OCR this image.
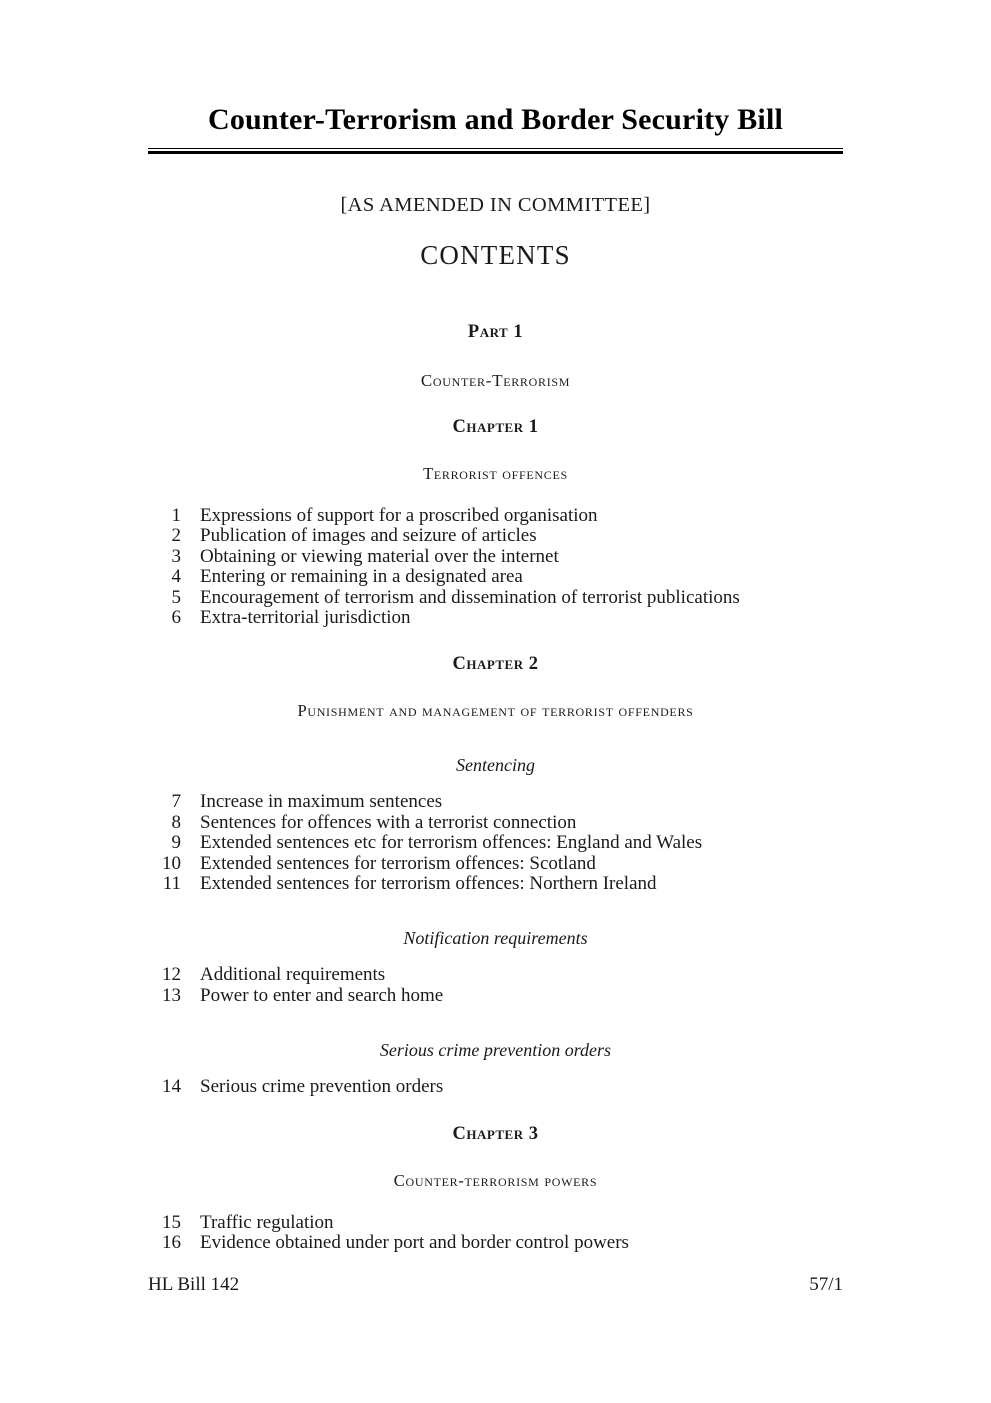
Counter-Terrorism and Border Security Bill
[AS AMENDED IN COMMITTEE]
CONTENTS
Part 1
Counter-Terrorism
Chapter 1
Terrorist offences
1	Expressions of support for a proscribed organisation
2	Publication of images and seizure of articles
3	Obtaining or viewing material over the internet
4	Entering or remaining in a designated area
5	Encouragement of terrorism and dissemination of terrorist publications
6	Extra-territorial jurisdiction
Chapter 2
Punishment and management of terrorist offenders
Sentencing
7	Increase in maximum sentences
8	Sentences for offences with a terrorist connection
9	Extended sentences etc for terrorism offences: England and Wales
10	Extended sentences for terrorism offences: Scotland
11	Extended sentences for terrorism offences: Northern Ireland
Notification requirements
12	Additional requirements
13	Power to enter and search home
Serious crime prevention orders
14	Serious crime prevention orders
Chapter 3
Counter-terrorism powers
15	Traffic regulation
16	Evidence obtained under port and border control powers
HL Bill 142	57/1
